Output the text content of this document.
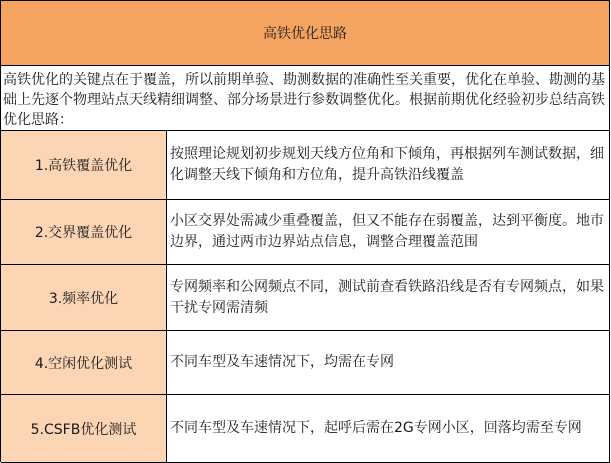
高铁优化思路
高铁优化的关键点在于覆盖，所以前期单验、勘测数据的准确性至关重要，优化在单验、勘测的基础上先逐个物理站点天线精细调整、部分场景进行参数调整优化。根据前期优化经验初步总结高铁优化思路：
1.高铁覆盖优化
按照理论规划初步规划天线方位角和下倾角，再根据列车测试数据，细化调整天线下倾角和方位角，提升高铁沿线覆盖
2.交界覆盖优化
小区交界处需减少重叠覆盖，但又不能存在弱覆盖，达到平衡度。地市边界，通过两市边界站点信息，调整合理覆盖范围
3.频率优化
专网频率和公网频点不同，测试前查看铁路沿线是否有专网频点，如果干扰专网需清频
4.空闲优化测试	不同车型及车速情况下，均需在专网
5.CSFB优化测试	不同车型及车速情况下，起呼后需在2G专网小区，回落均需至专网
